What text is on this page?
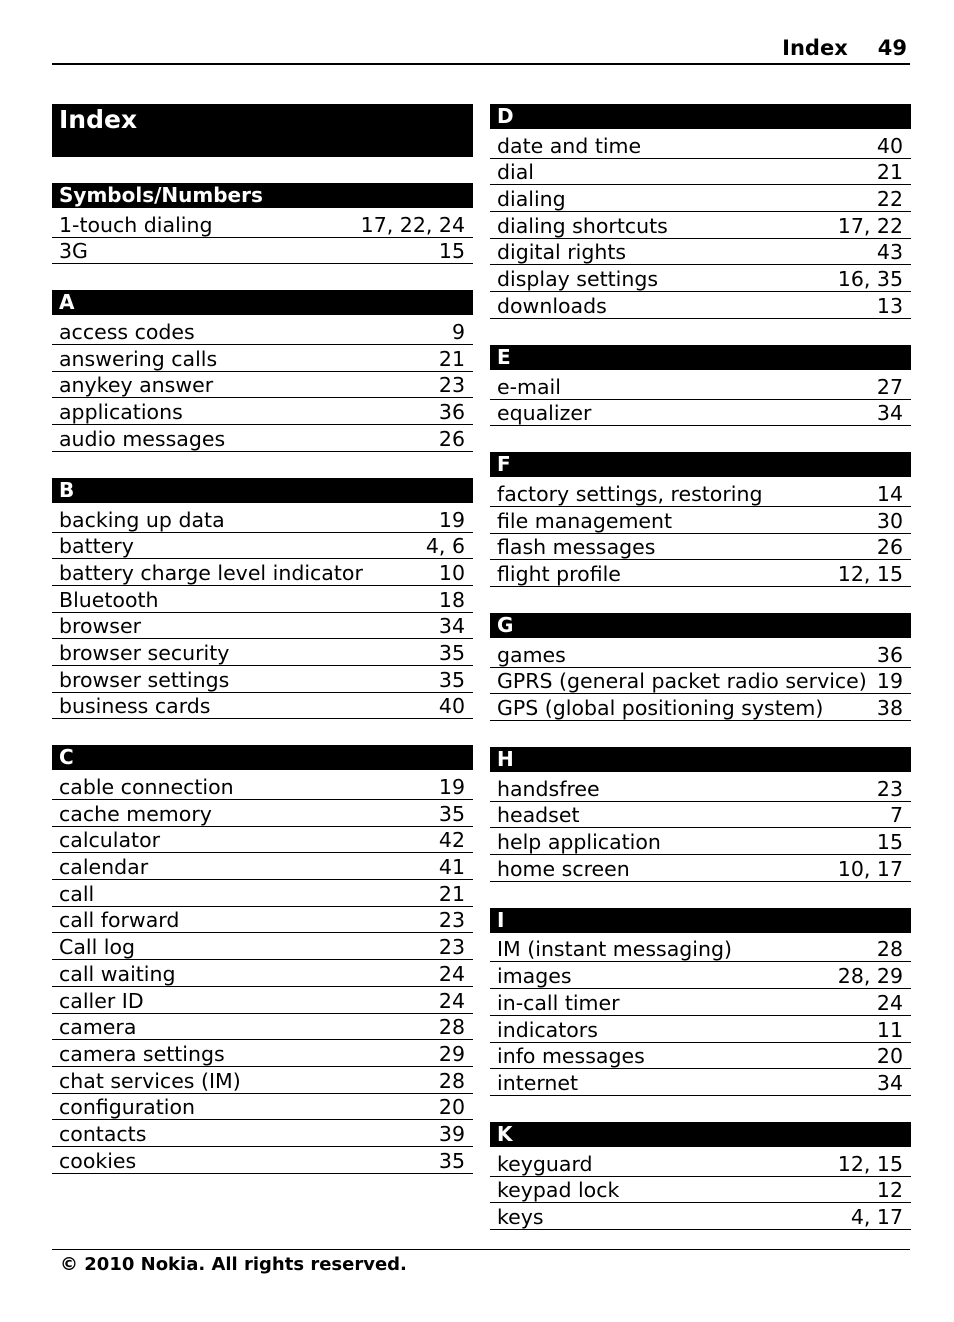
Index 49
Index
Symbols/Numbers
1-touch dialing	17, 22, 24
3G	15
A
access codes	9
answering calls	21
anykey answer	23
applications	36
audio messages	26
B
backing up data	19
battery	4, 6
battery charge level indicator	10
Bluetooth	18
browser	34
browser security	35
browser settings	35
business cards	40
C
cable connection	19
cache memory	35
calculator	42
calendar	41
call	21
call forward	23
Call log	23
call waiting	24
caller ID	24
camera	28
camera settings	29
chat services (IM)	28
configuration	20
contacts	39
cookies	35
D
date and time	40
dial	21
dialing	22
dialing shortcuts	17, 22
digital rights	43
display settings	16, 35
downloads	13
E
e-mail	27
equalizer	34
F
factory settings, restoring	14
file management	30
flash messages	26
flight profile	12, 15
G
games	36
GPRS (general packet radio service) 19
GPS (global positioning system)	38
H
handsfree	23
headset	7
help application	15
home screen	10, 17
I
IM (instant messaging)	28
images	28, 29
in-call timer	24
indicators	11
info messages	20
internet	34
K
keyguard	12, 15
keypad lock	12
keys	4, 17
© 2010 Nokia. All rights reserved.
